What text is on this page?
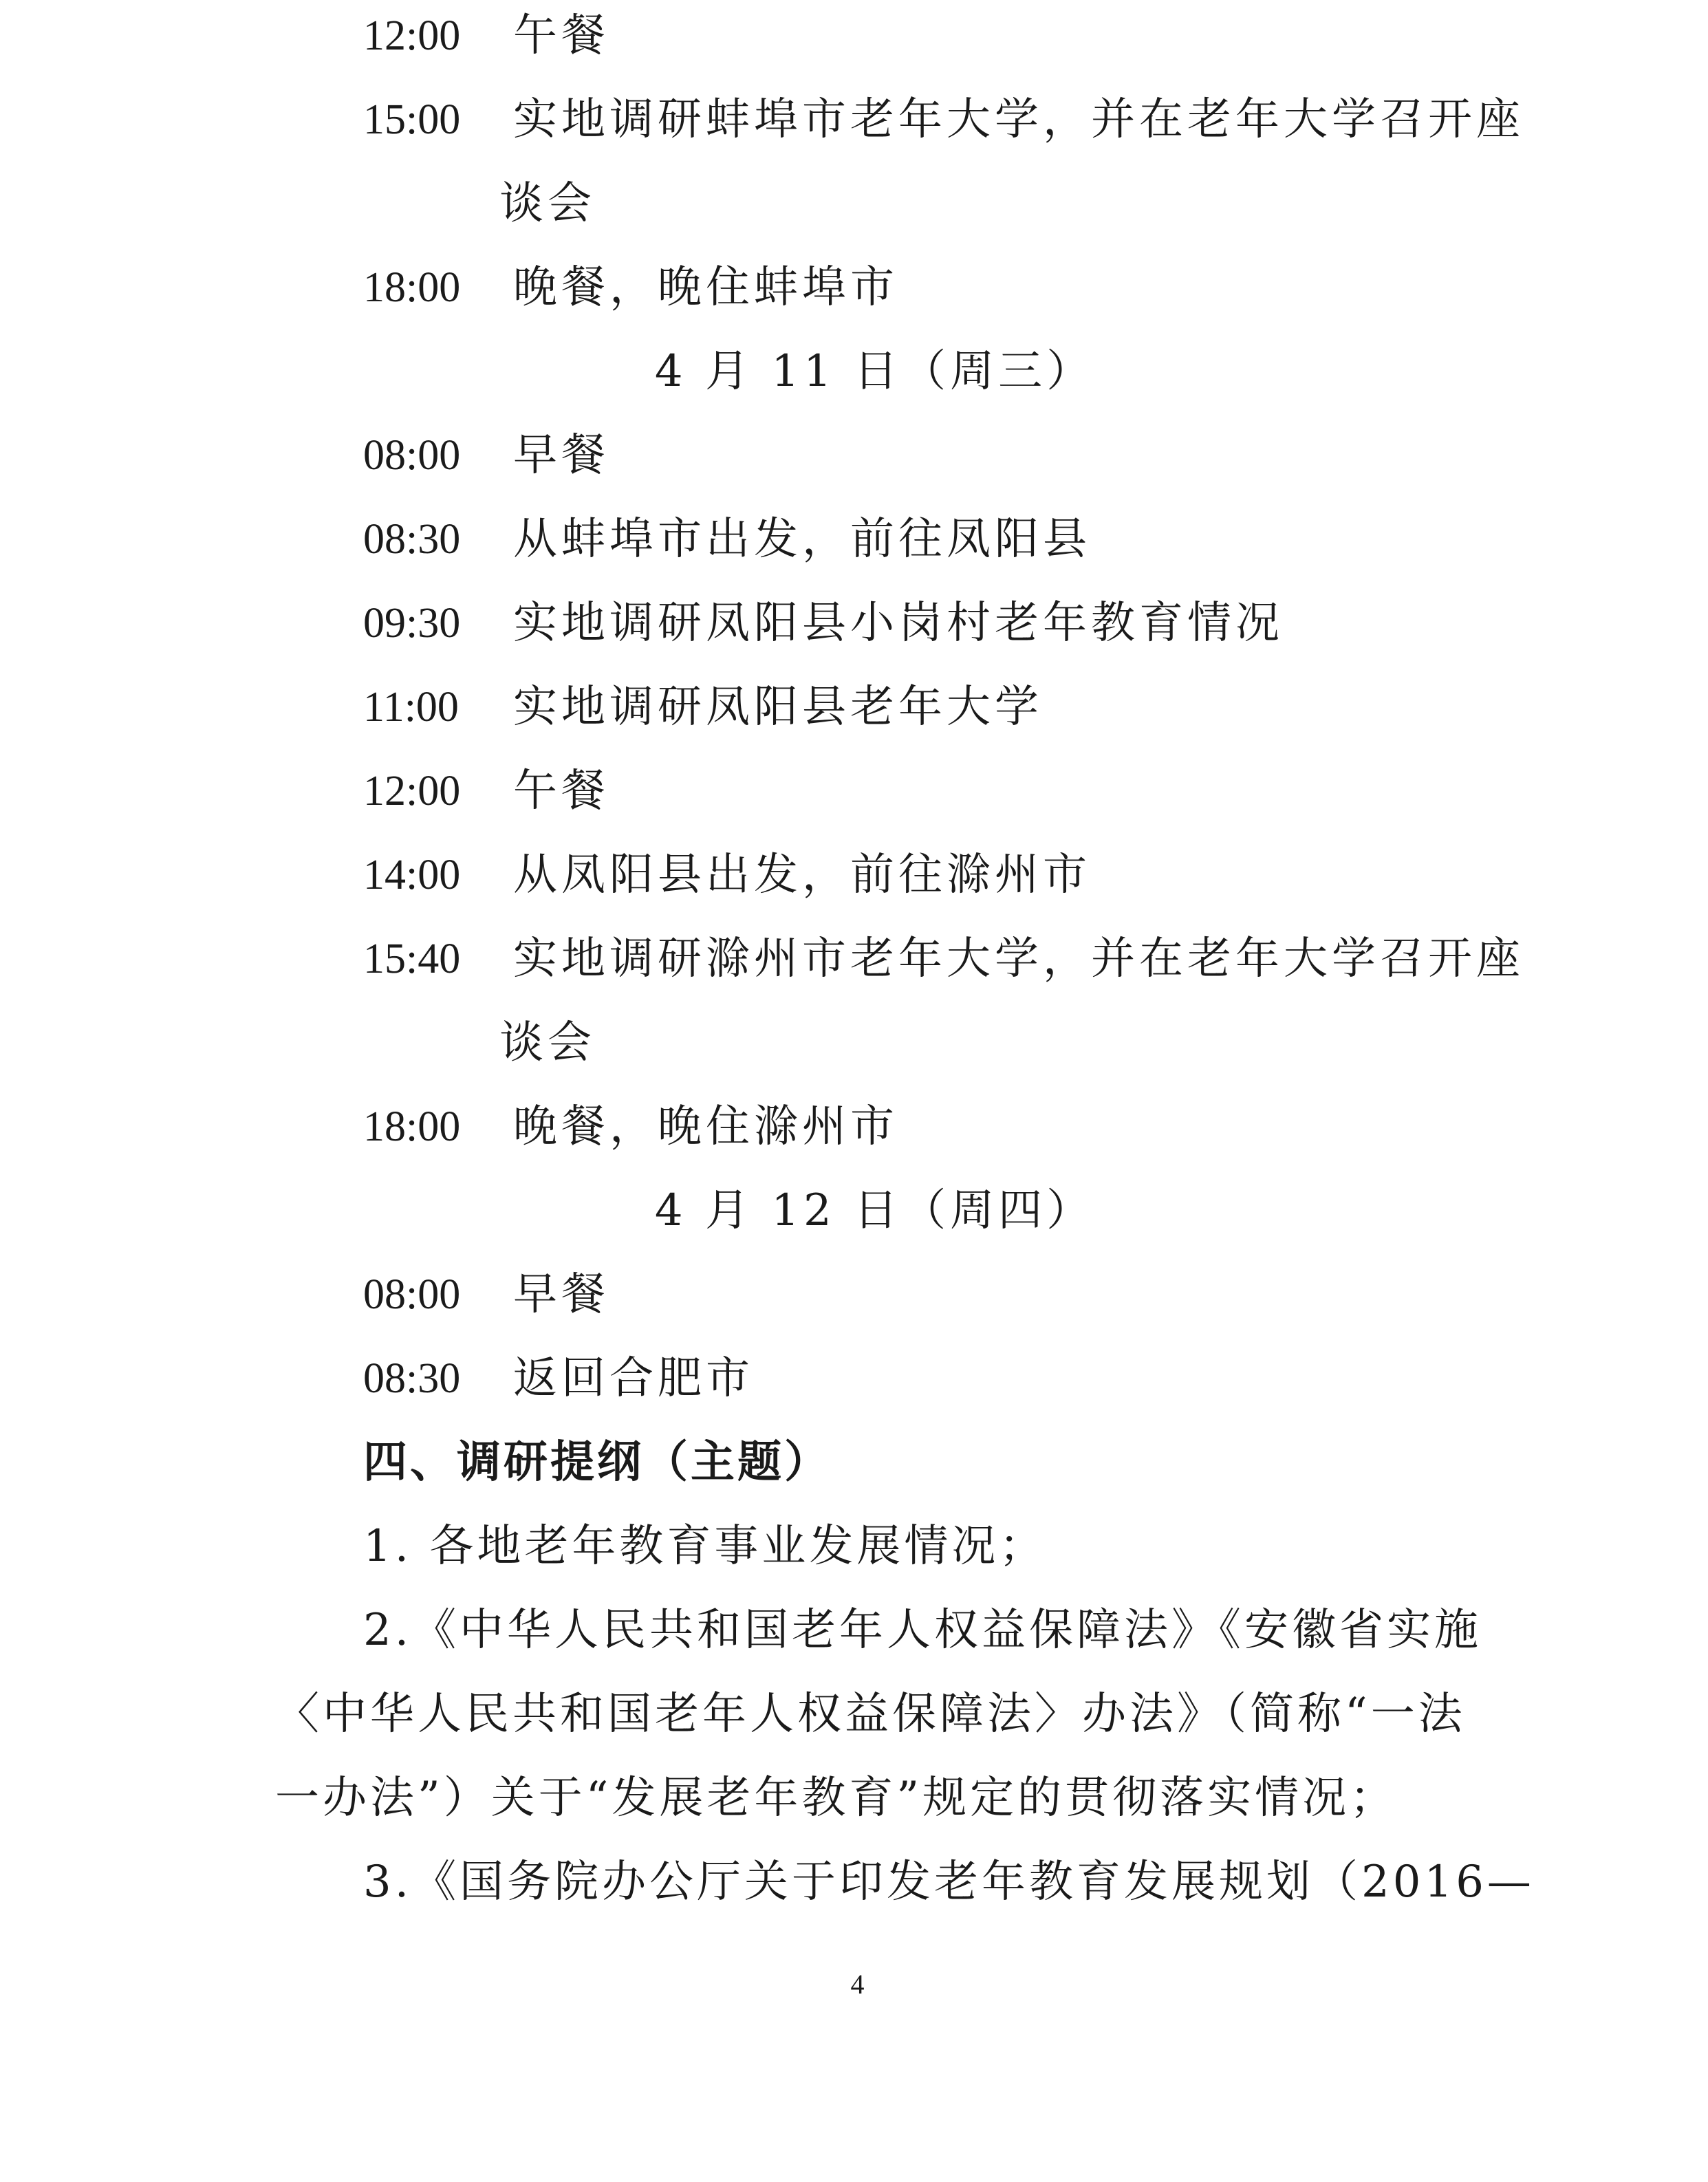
12:00 午餐
15:00 实地调研蚌埠市老年大学，并在老年大学召开座
谈会
18:00 晚餐，晚住蚌埠市
4 月 11 日（周三）
08:00 早餐
08:30 从蚌埠市出发，前往凤阳县
09:30 实地调研凤阳县小岗村老年教育情况
11:00 实地调研凤阳县老年大学
12:00 午餐
14:00 从凤阳县出发，前往滁州市
15:40 实地调研滁州市老年大学，并在老年大学召开座
谈会
18:00 晚餐，晚住滁州市
4 月 12 日（周四）
08:00 早餐
08:30 返回合肥市
四、调研提纲（主题）
1. 各地老年教育事业发展情况；
2.《中华人民共和国老年人权益保障法》《安徽省实施
〈中华人民共和国老年人权益保障法〉办法》（简称“一法
一办法”）关于“发展老年教育”规定的贯彻落实情况；
3.《国务院办公厅关于印发老年教育发展规划（2016—
4
